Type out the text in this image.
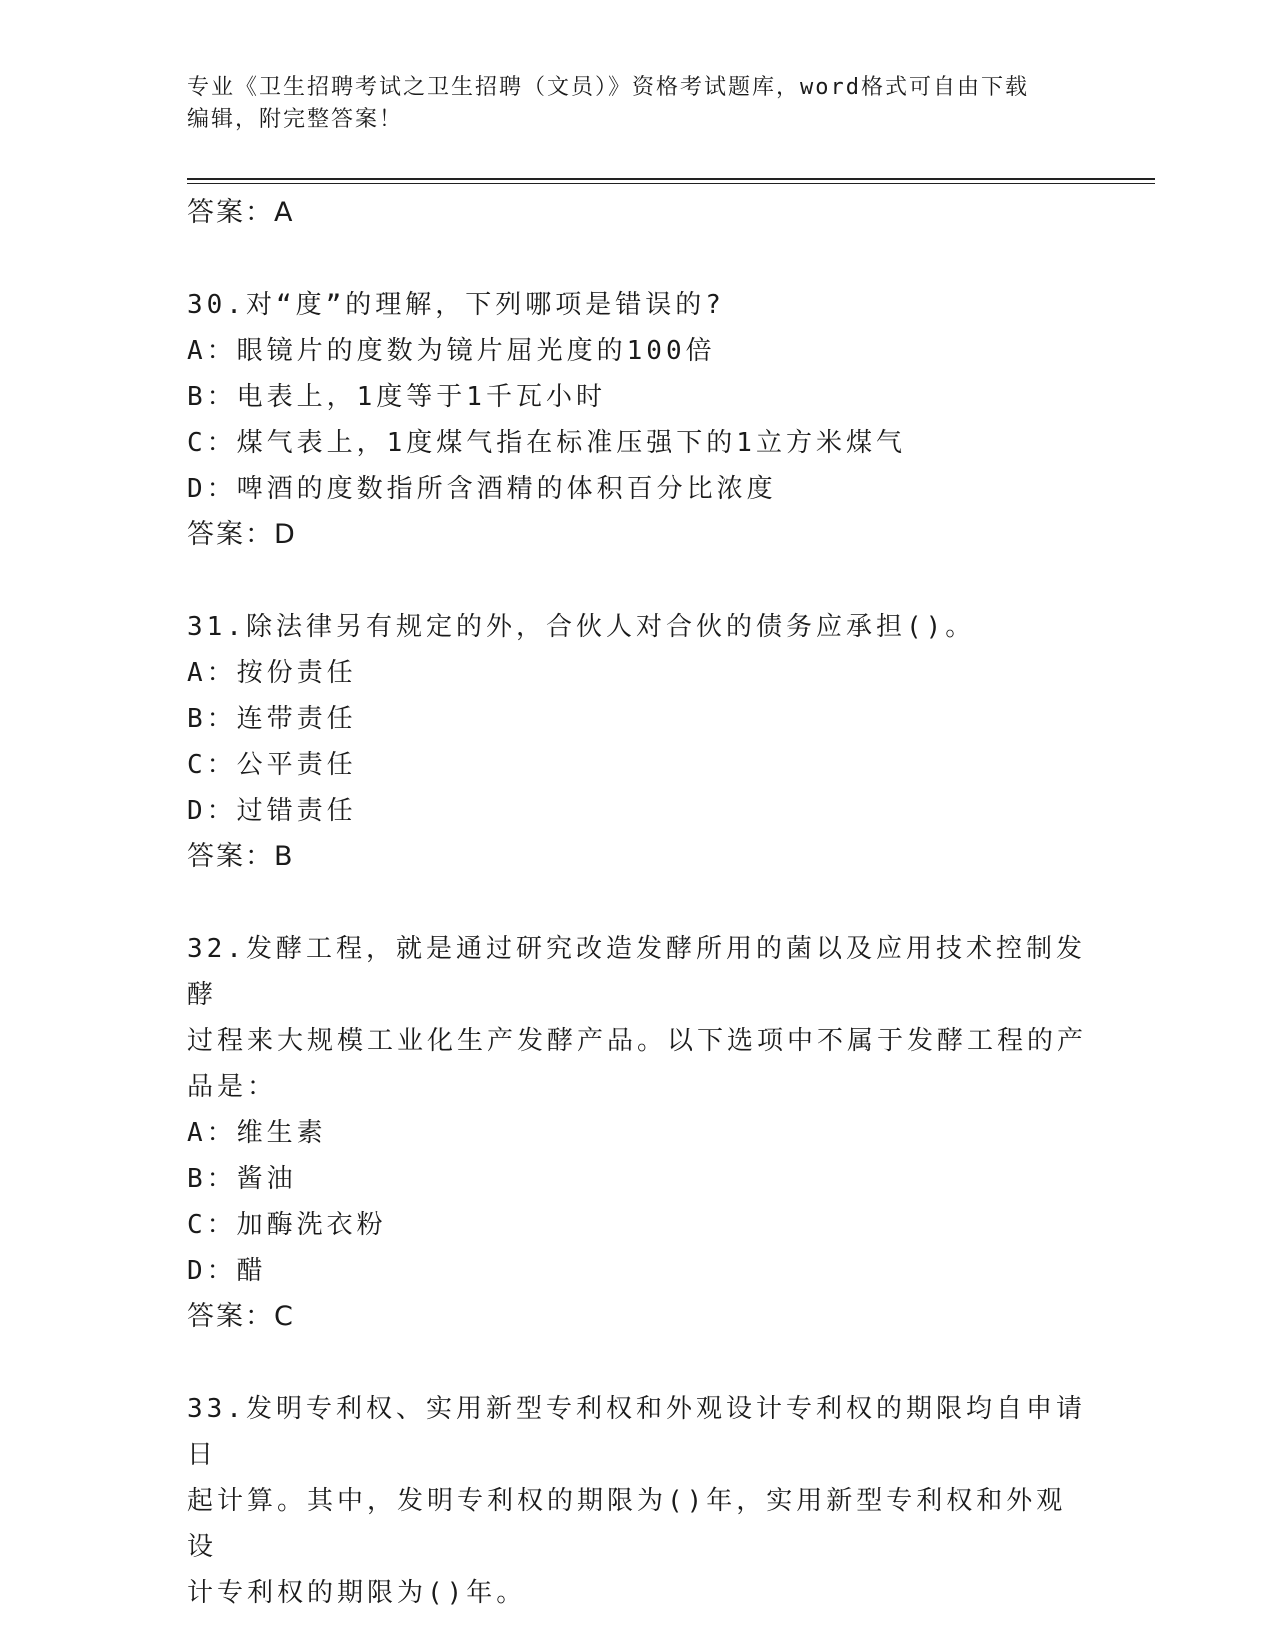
专业《卫生招聘考试之卫生招聘（文员）》资格考试题库，word格式可自由下载
编辑，附完整答案！

答案：A

30.对“度”的理解，下列哪项是错误的?

A：眼镜片的度数为镜片屈光度的100倍

B：电表上，1度等于1千瓦小时

C：煤气表上，1度煤气指在标准压强下的1立方米煤气

D：啤酒的度数指所含酒精的体积百分比浓度

答案：D

31.除法律另有规定的外，合伙人对合伙的债务应承担()。

A：按份责任

B：连带责任

C：公平责任

D：过错责任

答案：B

32.发酵工程，就是通过研究改造发酵所用的菌以及应用技术控制发酵

过程来大规模工业化生产发酵产品。以下选项中不属于发酵工程的产

品是：

A：维生素

B：酱油

C：加酶洗衣粉

D：醋

答案：C

33.发明专利权、实用新型专利权和外观设计专利权的期限均自申请日

起计算。其中，发明专利权的期限为()年，实用新型专利权和外观设

计专利权的期限为()年。
